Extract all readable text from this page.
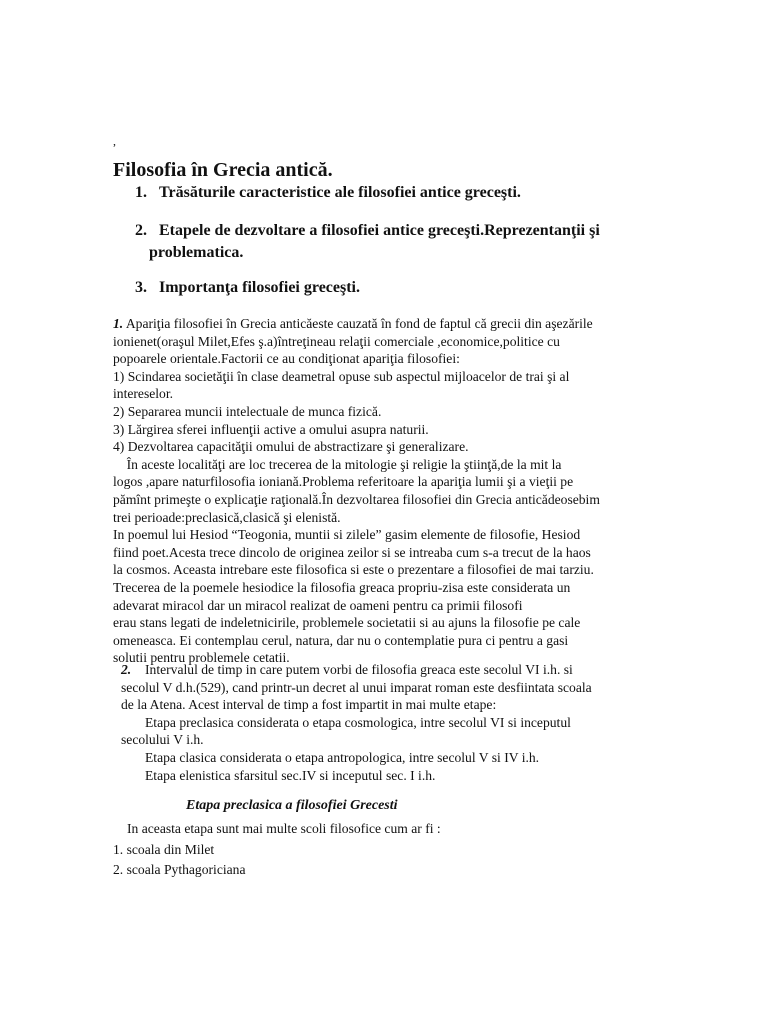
,
Filosofia în Grecia antică.
1. Trăsăturile caracteristice ale filosofiei antice greceşti.
2. Etapele de dezvoltare a filosofiei antice greceşti.Reprezentanţii şi
problematica.
3. Importanţa filosofiei greceşti.
1. Apariţia filosofiei în Grecia anticăeste cauzată în fond de faptul că grecii din aşezările
ionienet(oraşul Milet,Efes ş.a)întreţineau relaţii comerciale ,economice,politice cu
popoarele orientale.Factorii ce au condiţionat apariţia filosofiei:
1) Scindarea societăţii în clase deametral opuse sub aspectul mijloacelor de trai şi al
intereselor.
2) Separarea muncii intelectuale de munca fizică.
3) Lărgirea sferei influenţii active a omului asupra naturii.
4) Dezvoltarea capacităţii omului de abstractizare şi generalizare.
În aceste localităţi are loc trecerea de la mitologie şi religie la ştiinţă,de la mit la
logos ,apare naturfilosofia ioniană.Problema referitoare la apariţia lumii şi a vieţii pe
pămînt primeşte o explicaţie raţională.În dezvoltarea filosofiei din Grecia anticădeosebim
trei perioade:preclasică,clasică şi elenistă.
In poemul lui Hesiod “Teogonia, muntii si zilele” gasim elemente de filosofie, Hesiod
fiind poet.Acesta trece dincolo de originea zeilor si se intreaba cum s-a trecut de la haos
la cosmos. Aceasta intrebare este filosofica si este o prezentare a filosofiei de mai tarziu.
Trecerea de la poemele hesiodice la filosofia greaca propriu-zisa este considerata un
adevarat miracol dar un miracol realizat de oameni pentru ca primii filosofi
erau stans legati de indeletnicirile, problemele societatii si au ajuns la filosofie pe cale
omeneasca. Ei contemplau cerul, natura, dar nu o contemplatie pura ci pentru a gasi
solutii pentru problemele cetatii.
2. Intervalul de timp in care putem vorbi de filosofia greaca este secolul VI i.h. si
secolul V d.h.(529), cand printr-un decret al unui imparat roman este desfiintata scoala
de la Atena. Acest interval de timp a fost impartit in mai multe etape:
Etapa preclasica considerata o etapa cosmologica, intre secolul VI si inceputul
secolului V i.h.
Etapa clasica considerata o etapa antropologica, intre secolul V si IV i.h.
Etapa elenistica sfarsitul sec.IV si inceputul sec. I i.h.
Etapa preclasica a filosofiei Grecesti
In aceasta etapa sunt mai multe scoli filosofice cum ar fi :
1. scoala din Milet
2. scoala Pythagoriciana
